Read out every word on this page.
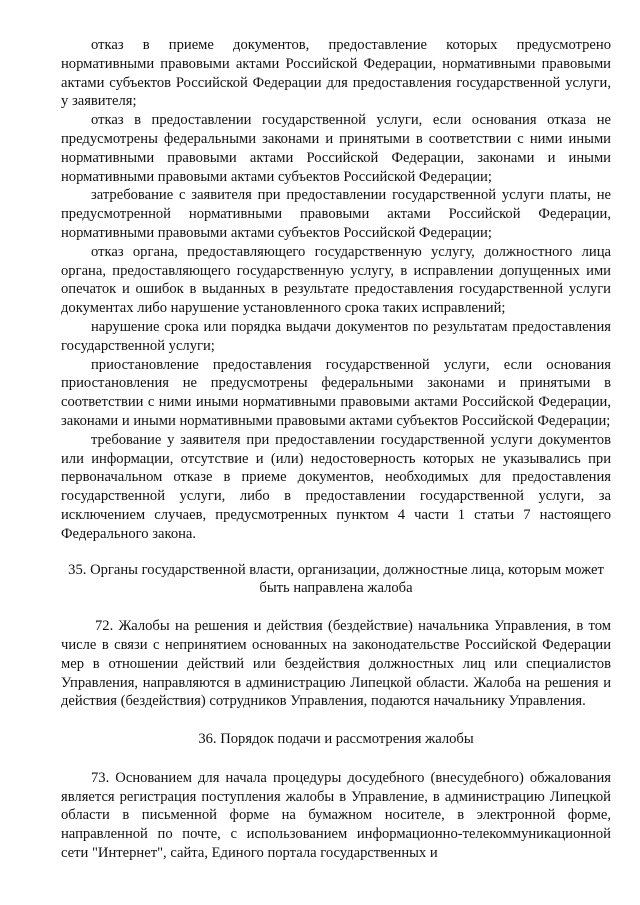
отказ в приеме документов, предоставление которых предусмотрено нормативными правовыми актами Российской Федерации, нормативными правовыми актами субъектов Российской Федерации для предоставления государственной услуги, у заявителя;

отказ в предоставлении государственной услуги, если основания отказа не предусмотрены федеральными законами и принятыми в соответствии с ними иными нормативными правовыми актами Российской Федерации, законами и иными нормативными правовыми актами субъектов Российской Федерации;

затребование с заявителя при предоставлении государственной услуги платы, не предусмотренной нормативными правовыми актами Российской Федерации, нормативными правовыми актами субъектов Российской Федерации;

отказ органа, предоставляющего государственную услугу, должностного лица органа, предоставляющего государственную услугу, в исправлении допущенных ими опечаток и ошибок в выданных в результате предоставления государственной услуги документах либо нарушение установленного срока таких исправлений;

нарушение срока или порядка выдачи документов по результатам предоставления государственной услуги;

приостановление предоставления государственной услуги, если основания приостановления не предусмотрены федеральными законами и принятыми в соответствии с ними иными нормативными правовыми актами Российской Федерации, законами и иными нормативными правовыми актами субъектов Российской Федерации;

требование у заявителя при предоставлении государственной услуги документов или информации, отсутствие и (или) недостоверность которых не указывались при первоначальном отказе в приеме документов, необходимых для предоставления государственной услуги, либо в предоставлении государственной услуги, за исключением случаев, предусмотренных пунктом 4 части 1 статьи 7 настоящего Федерального закона.

35. Органы государственной власти, организации, должностные лица, которым может быть направлена жалоба

72. Жалобы на решения и действия (бездействие) начальника Управления, в том числе в связи с непринятием основанных на законодательстве Российской Федерации мер в отношении действий или бездействия должностных лиц или специалистов Управления, направляются в администрацию Липецкой области. Жалоба на решения и действия (бездействия) сотрудников Управления, подаются начальнику Управления.

36. Порядок подачи и рассмотрения жалобы

73. Основанием для начала процедуры досудебного (внесудебного) обжалования является регистрация поступления жалобы в Управление, в администрацию Липецкой области в письменной форме на бумажном носителе, в электронной форме, направленной по почте, с использованием информационно-телекоммуникационной сети "Интернет", сайта, Единого портала государственных и
